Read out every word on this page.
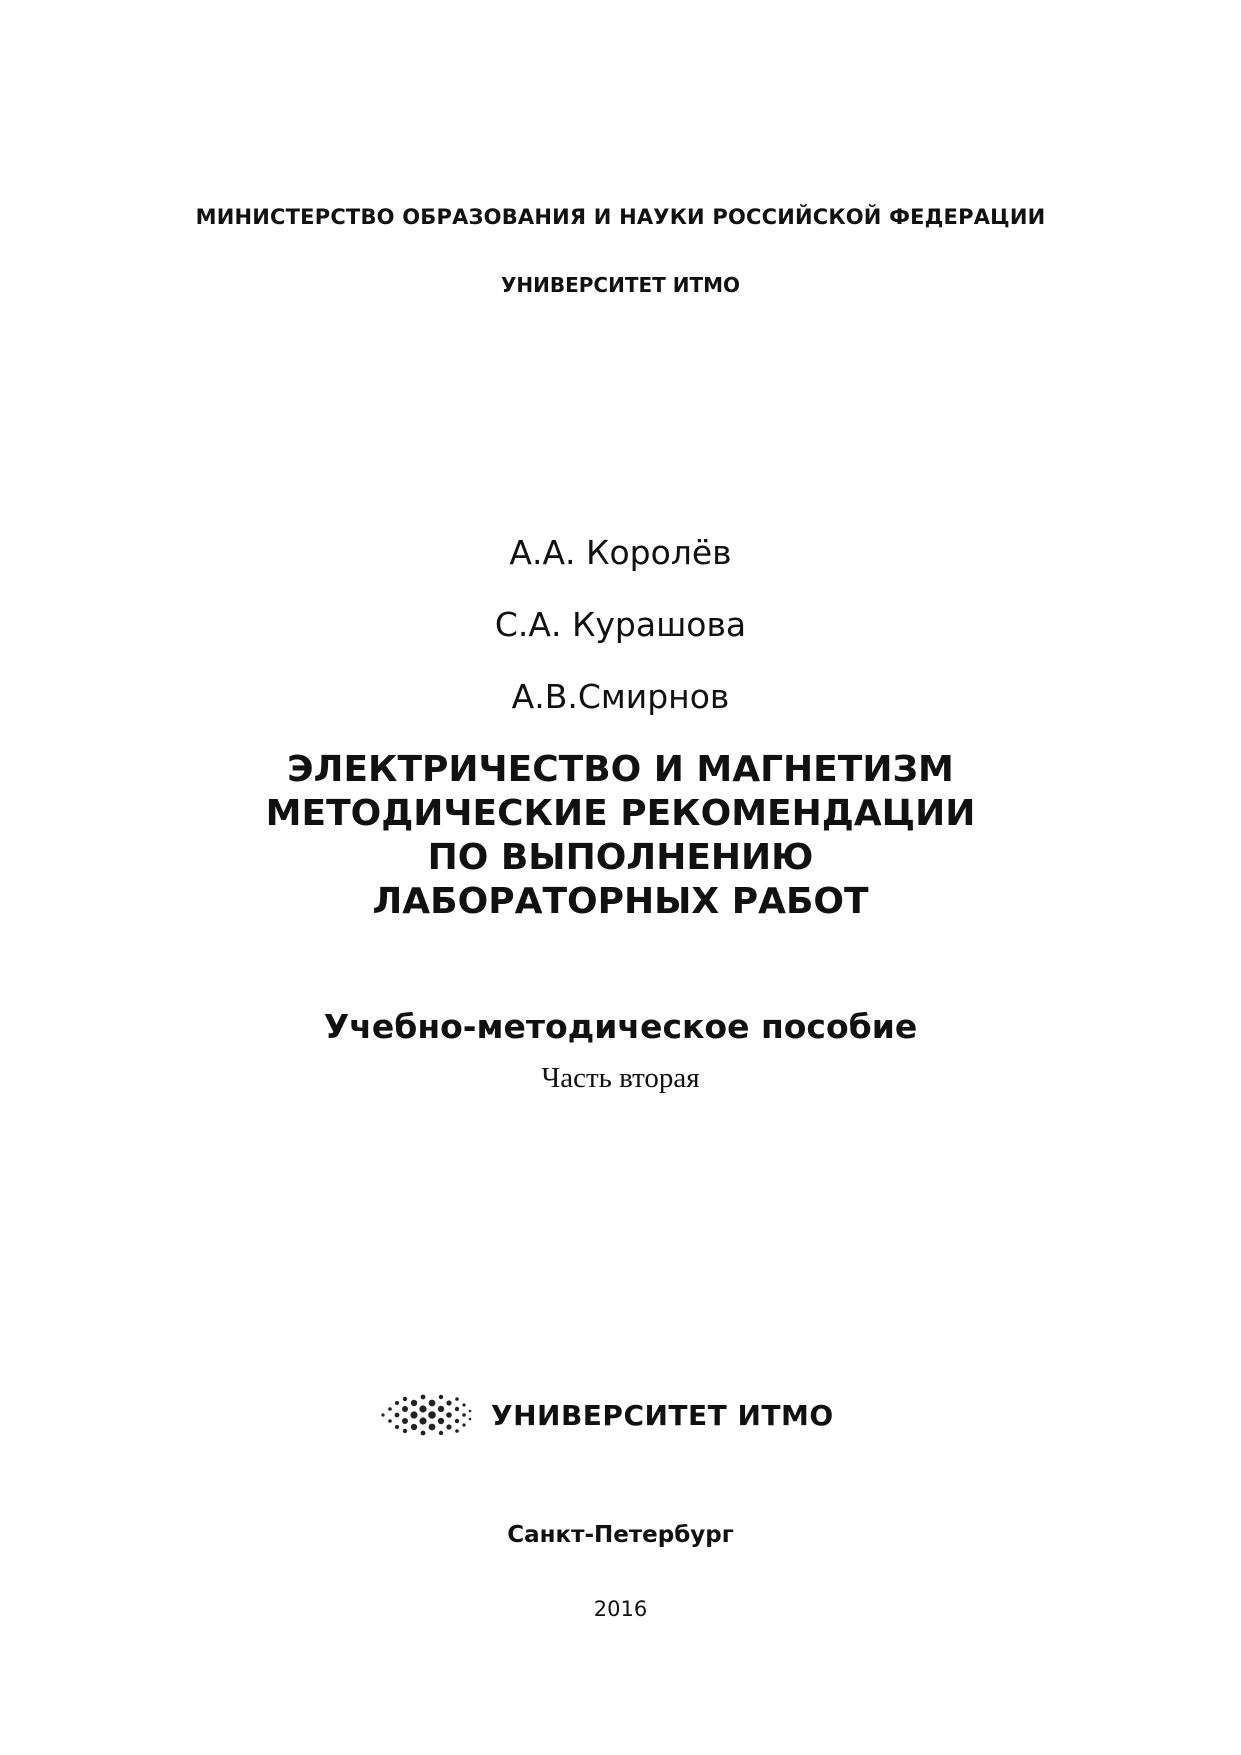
МИНИСТЕРСТВО ОБРАЗОВАНИЯ И НАУКИ РОССИЙСКОЙ ФЕДЕРАЦИИ
УНИВЕРСИТЕТ ИТМО
А.А. Королёв
С.А. Курашова
А.В.Смирнов
ЭЛЕКТРИЧЕСТВО И МАГНЕТИЗМ
МЕТОДИЧЕСКИЕ РЕКОМЕНДАЦИИ
ПО ВЫПОЛНЕНИЮ
ЛАБОРАТОРНЫХ РАБОТ
Учебно-методическое пособие
Часть вторая
УНИВЕРСИТЕТ ИТМО
Санкт-Петербург
2016
